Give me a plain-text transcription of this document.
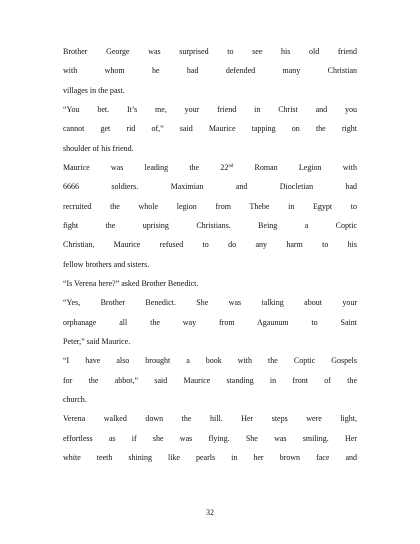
Brother George was surprised to see his old friend
with whom he had defended many Christian
villages in the past.
“You bet. It’s me, your friend in Christ and you
cannot get rid of,” said Maurice tapping on the right
shoulder of his friend.
Maurice was leading the 22nd Roman Legion with
6666 soldiers. Maximian and Diocletian had
recruited the whole legion from Thebe in Egypt to
fight the uprising Christians. Being a Coptic
Christian, Maurice refused to do any harm to his
fellow brothers and sisters.
“Is Verena here?” asked Brother Benedict.
“Yes, Brother Benedict. She was talking about your
orphanage all the way from Agaunum to Saint
Peter,” said Maurice.
“I have also brought a book with the Coptic Gospels
for the abbot,” said Maurice standing in front of the
church.
Verena walked down the hill. Her steps were light,
effortless as if she was flying. She was smiling. Her
white teeth shining like pearls in her brown face and
32
